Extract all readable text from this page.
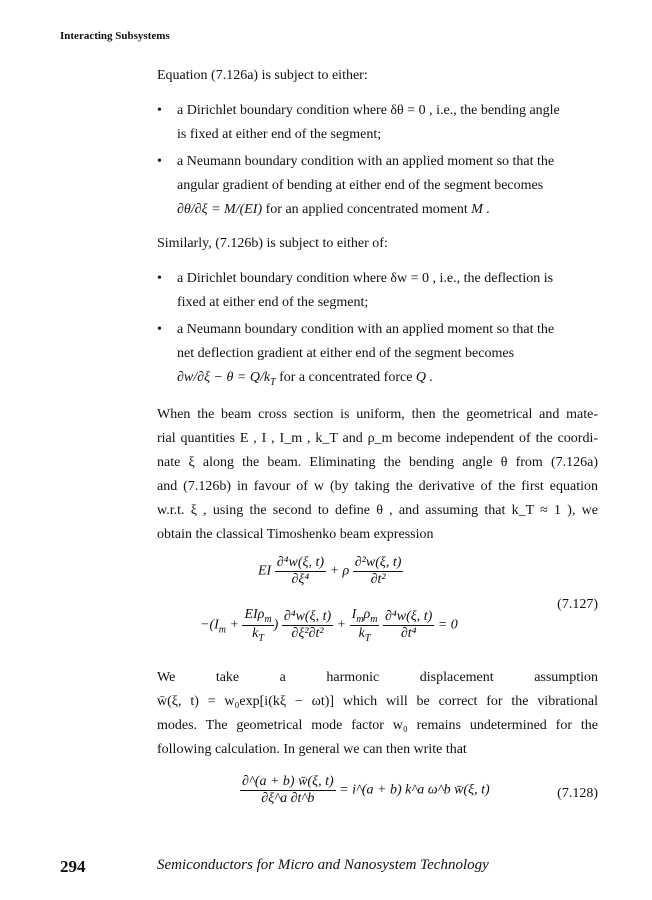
Interacting Subsystems
Equation (7.126a) is subject to either:
• a Dirichlet boundary condition where δθ = 0 , i.e., the bending angle
is fixed at either end of the segment;
• a Neumann boundary condition with an applied moment so that the
angular gradient of bending at either end of the segment becomes
∂θ/∂ξ = M/(EI) for an applied concentrated moment M .
Similarly, (7.126b) is subject to either of:
• a Dirichlet boundary condition where δw = 0 , i.e., the deflection is
fixed at either end of the segment;
• a Neumann boundary condition with an applied moment so that the
net deflection gradient at either end of the segment becomes
$\partial w/\partial\xi - \theta = Q/k_T$ for a concentrated force Q .
When the beam cross section is uniform, then the geometrical and mate-
rial quantities E , I , I_m , k_T and ρ_m become independent of the coordi-
nate ξ along the beam. Eliminating the bending angle θ from (7.126a)
and (7.126b) in favour of w (by taking the derivative of the first equation
w.r.t. ξ , using the second to define θ , and assuming that k_T ≈ 1 ), we
obtain the classical Timoshenko beam expression
EI $\frac{\text{∂⁴w(ξ, t)}}{\text{∂ξ⁴}} + \rho \frac{\text{∂²w(ξ, t)}}{\text{∂t²}}$
(7.127)
$-(I_m + \frac{EI\rho_m}{k_T}$ ) $\frac{\text{∂⁴w(ξ, t)}}{\text{∂ξ²∂t²}} + \frac{I_m\rho_m}{k_T}$
$\frac{\text{∂⁴w(ξ, t)}}{\text{∂t⁴}} = 0$
We	take	a	harmonic	displacement	assumption
w̄(ξ, t) = w₀exp[i(kξ − ωt)] which will be correct for the vibrational
modes. The geometrical mode factor w₀ remains undetermined for the
following calculation. In general we can then write that
$\frac{\partial\^{}(a + b) w̄(\xi, t)}{\partial\xi\^{}a \partial t\^{}b}$ = i^(a + b) k^a ω^b w̄(ξ, t)	(7.128)
294	Semiconductors for Micro and Nanosystem Technology
